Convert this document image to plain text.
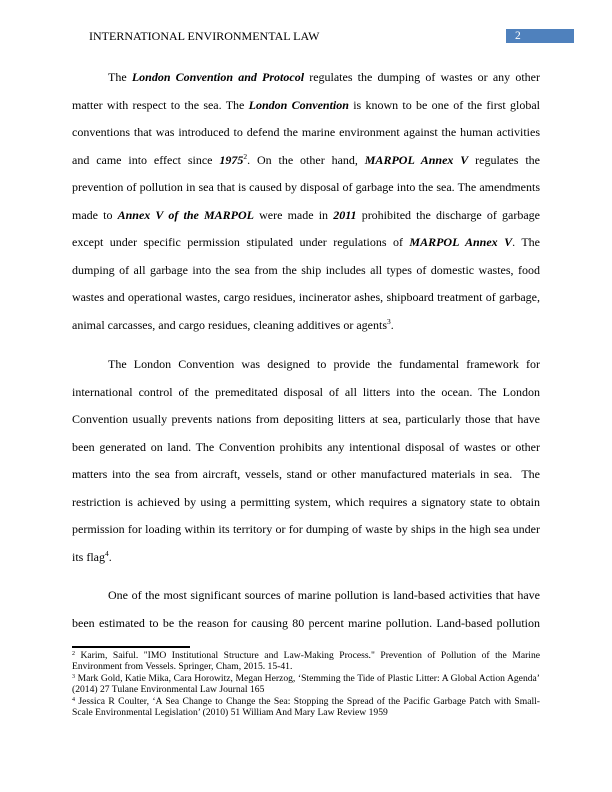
INTERNATIONAL ENVIRONMENTAL LAW	2
The London Convention and Protocol regulates the dumping of wastes or any other
matter with respect to the sea. The London Convention is known to be one of the first global
conventions that was introduced to defend the marine environment against the human activities
and came into effect since 1975$^2$. On the other hand, MARPOL Annex V regulates the
prevention of pollution in sea that is caused by disposal of garbage into the sea. The amendments
made to Annex V of the MARPOL were made in 2011 prohibited the discharge of garbage
except under specific permission stipulated under regulations of MARPOL Annex V. The
dumping of all garbage into the sea from the ship includes all types of domestic wastes, food
wastes and operational wastes, cargo residues, incinerator ashes, shipboard treatment of garbage,
animal carcasses, and cargo residues, cleaning additives or agents$^3$.
The London Convention was designed to provide the fundamental framework for
international control of the premeditated disposal of all litters into the ocean. The London
Convention usually prevents nations from depositing litters at sea, particularly those that have
been generated on land. The Convention prohibits any intentional disposal of wastes or other
matters into the sea from aircraft, vessels, stand or other manufactured materials in sea.  The
restriction is achieved by using a permitting system, which requires a signatory state to obtain
permission for loading within its territory or for dumping of waste by ships in the high sea under
its flag$^4$.
One of the most significant sources of marine pollution is land-based activities that have
been estimated to be the reason for causing 80 percent marine pollution. Land-based pollution
$^2$ Karim, Saiful. "IMO Institutional Structure and Law-Making Process." Prevention of Pollution of the Marine Environment from Vessels. Springer, Cham, 2015. 15-41.
$^3$ Mark Gold, Katie Mika, Cara Horowitz, Megan Herzog, ‘Stemming the Tide of Plastic Litter: A Global Action Agenda’ (2014) 27 Tulane Environmental Law Journal 165
$^4$ Jessica R Coulter, ‘A Sea Change to Change the Sea: Stopping the Spread of the Pacific Garbage Patch with Small-Scale Environmental Legislation’ (2010) 51 William And Mary Law Review 1959
